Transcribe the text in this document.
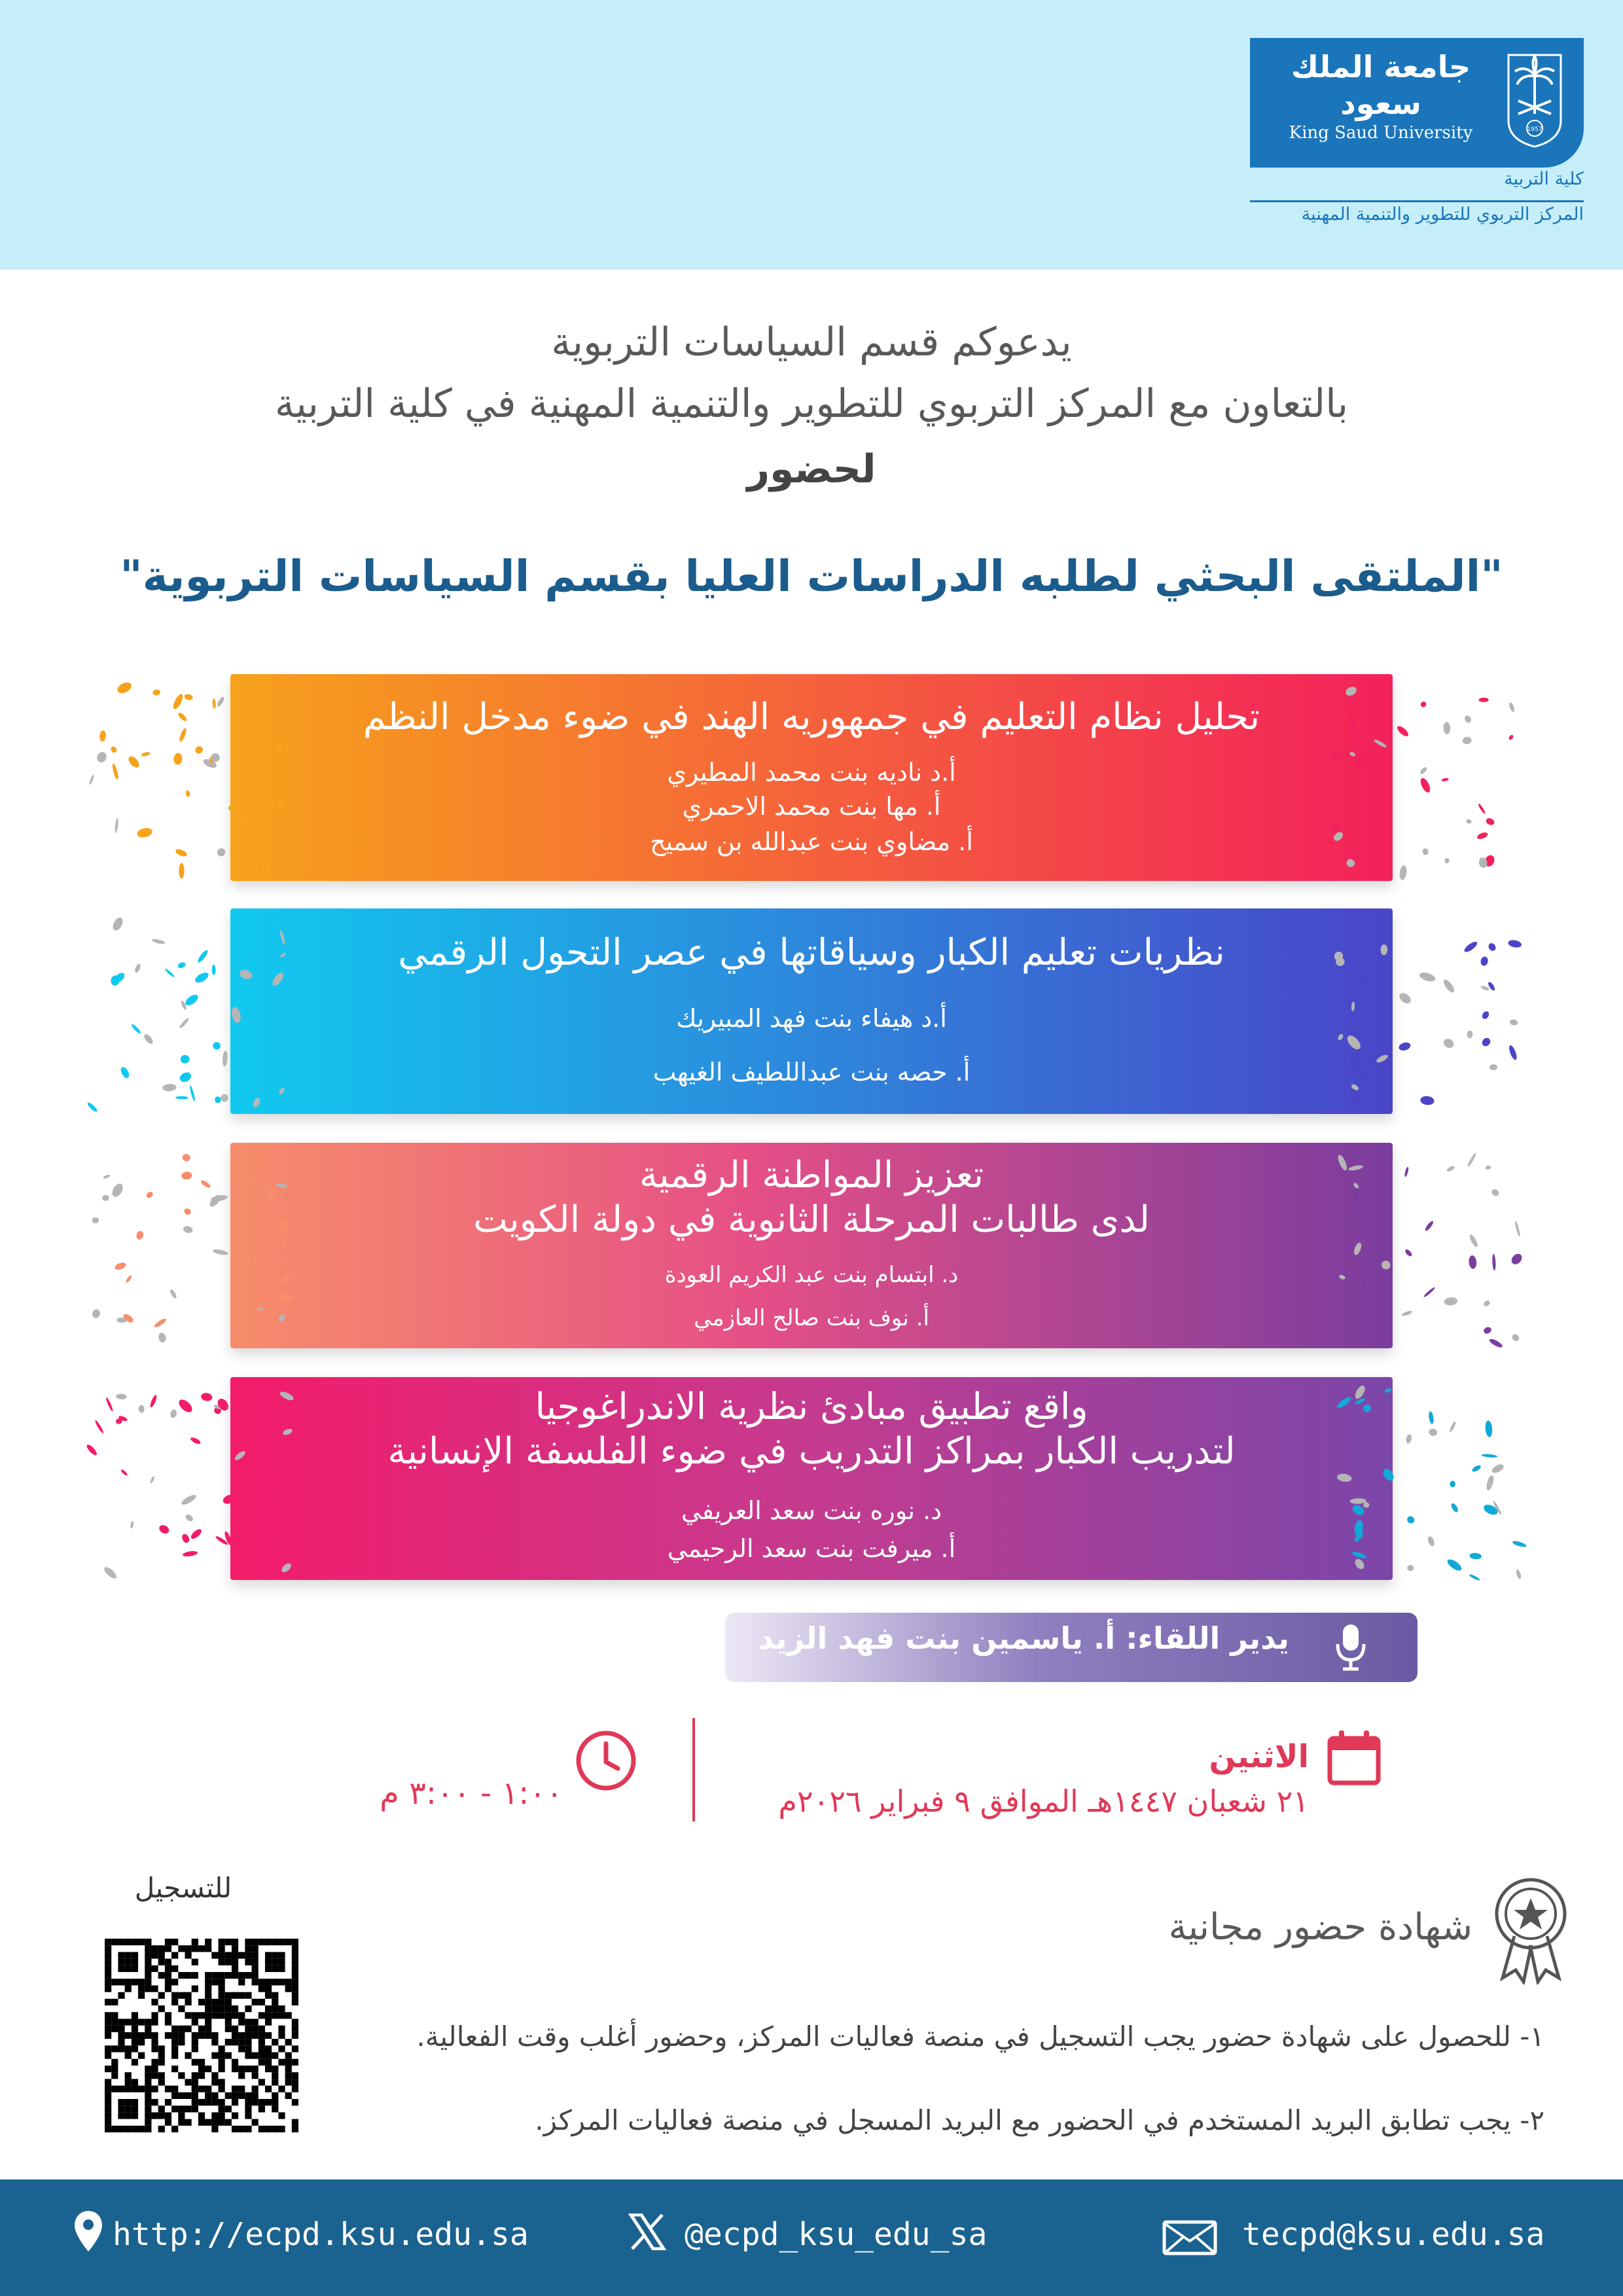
جامعة الملك سعود
King Saud University	1957
كلية التربية
المركز التربوي للتطوير والتنمية المهنية
يدعوكم قسم السياسات التربوية
بالتعاون مع المركز التربوي للتطوير والتنمية المهنية في كلية التربية
لحضور
"الملتقى البحثي لطلبه الدراسات العليا بقسم السياسات التربوية"
تحليل نظام التعليم في جمهوريه الهند في ضوء مدخل النظم
أ.د ناديه بنت محمد المطيري
أ. مها بنت محمد الاحمري
أ. مضاوي بنت عبدالله بن سميح
نظريات تعليم الكبار وسياقاتها في عصر التحول الرقمي
أ.د هيفاء بنت فهد المبيريك
أ. حصه بنت عبداللطيف الغيهب
تعزيز المواطنة الرقمية
لدى طالبات المرحلة الثانوية في دولة الكويت
د. ابتسام بنت عبد الكريم العودة
أ. نوف بنت صالح العازمي
واقع تطبيق مبادئ نظرية الاندراغوجيا
لتدريب الكبار بمراكز التدريب في ضوء الفلسفة الإنسانية
د. نوره بنت سعد العريفي
أ. ميرفت بنت سعد الرحيمي
يدير اللقاء: أ. ياسمين بنت فهد الزيد
الاثنين
٢١ شعبان ١٤٤٧هـ الموافق ٩ فبراير ٢٠٢٦م
١:٠٠ - ٣:٠٠ م
للتسجيل
شهادة حضور مجانية
١- للحصول على شهادة حضور يجب التسجيل في منصة فعاليات المركز، وحضور أغلب وقت الفعالية.
٢- يجب تطابق البريد المستخدم في الحضور مع البريد المسجل في منصة فعاليات المركز.
http://ecpd.ksu.edu.sa	@ecpd_ksu_edu_sa	tecpd@ksu.edu.sa
